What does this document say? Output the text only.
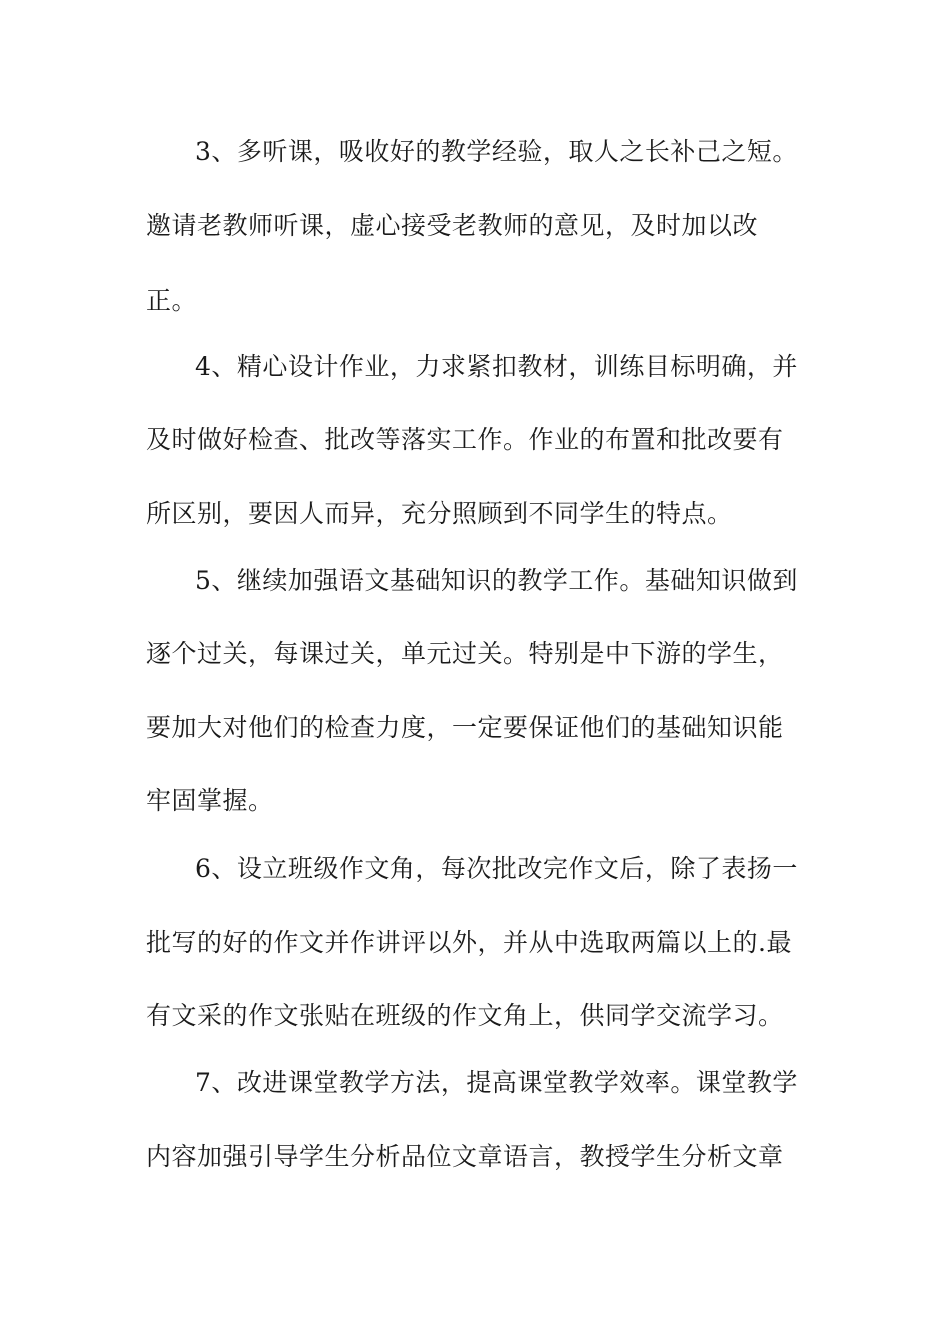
3、多听课，吸收好的教学经验，取人之长补己之短。
邀请老教师听课，虚心接受老教师的意见，及时加以改
正。
4、精心设计作业，力求紧扣教材，训练目标明确，并
及时做好检查、批改等落实工作。作业的布置和批改要有
所区别，要因人而异，充分照顾到不同学生的特点。
5、继续加强语文基础知识的教学工作。基础知识做到
逐个过关，每课过关，单元过关。特别是中下游的学生，
要加大对他们的检查力度，一定要保证他们的基础知识能
牢固掌握。
6、设立班级作文角，每次批改完作文后，除了表扬一
批写的好的作文并作讲评以外，并从中选取两篇以上的.最
有文采的作文张贴在班级的作文角上，供同学交流学习。
7、改进课堂教学方法，提高课堂教学效率。课堂教学
内容加强引导学生分析品位文章语言，教授学生分析文章
